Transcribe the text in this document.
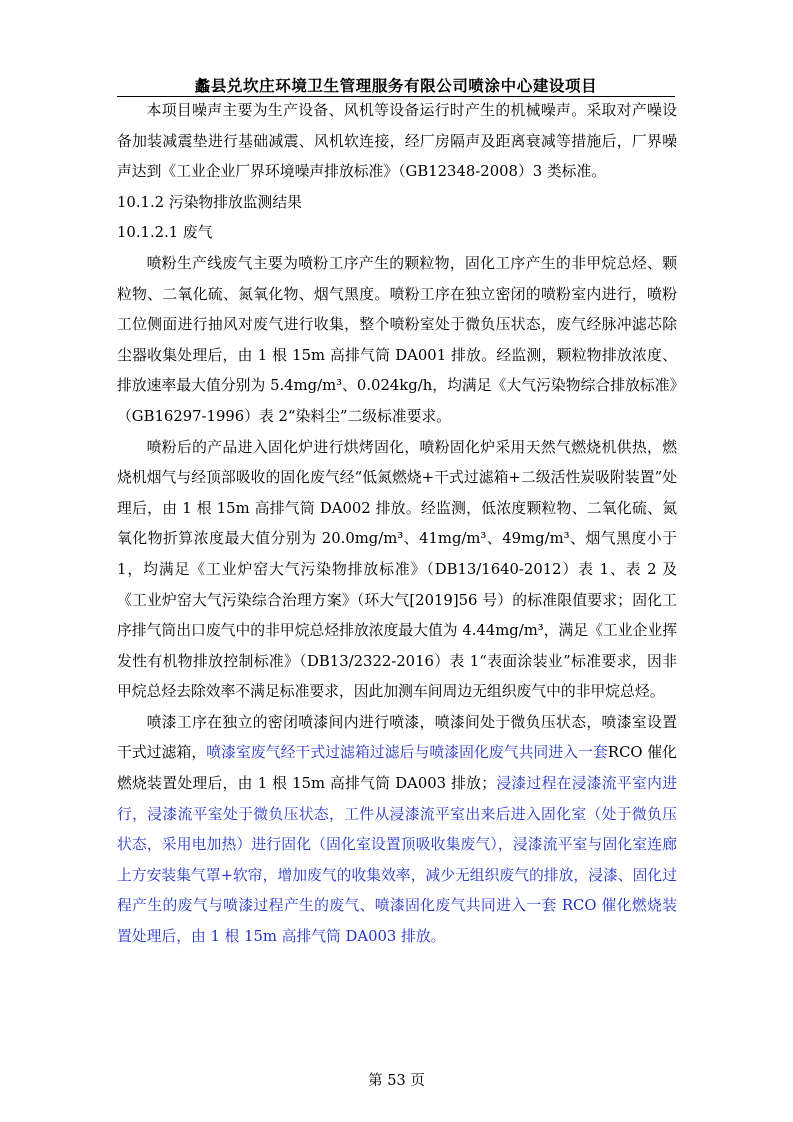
蠡县兑坎庄环境卫生管理服务有限公司喷涂中心建设项目

本项目噪声主要为生产设备、风机等设备运行时产生的机械噪声。采取对产噪设备加装减震垫进行基础减震、风机软连接，经厂房隔声及距离衰减等措施后，厂界噪声达到《工业企业厂界环境噪声排放标准》（GB12348-2008）3 类标准。

10.1.2 污染物排放监测结果

10.1.2.1 废气

喷粉生产线废气主要为喷粉工序产生的颗粒物，固化工序产生的非甲烷总烃、颗粒物、二氧化硫、氮氧化物、烟气黑度。喷粉工序在独立密闭的喷粉室内进行，喷粉工位侧面进行抽风对废气进行收集，整个喷粉室处于微负压状态，废气经脉冲滤芯除尘器收集处理后，由 1 根 15m 高排气筒 DA001 排放。经监测，颗粒物排放浓度、排放速率最大值分别为 5.4mg/m³、0.024kg/h，均满足《大气污染物综合排放标准》（GB16297-1996）表 2“染料尘”二级标准要求。

喷粉后的产品进入固化炉进行烘烤固化，喷粉固化炉采用天然气燃烧机供热，燃烧机烟气与经顶部吸收的固化废气经“低氮燃烧+干式过滤箱+二级活性炭吸附装置”处理后，由 1 根 15m 高排气筒 DA002 排放。经监测，低浓度颗粒物、二氧化硫、氮氧化物折算浓度最大值分别为 20.0mg/m³、41mg/m³、49mg/m³、烟气黑度小于 1，均满足《工业炉窑大气污染物排放标准》（DB13/1640-2012）表 1、表 2 及《工业炉窑大气污染综合治理方案》（环大气[2019]56 号）的标准限值要求；固化工序排气筒出口废气中的非甲烷总烃排放浓度最大值为 4.44mg/m³，满足《工业企业挥发性有机物排放控制标准》（DB13/2322-2016）表 1“表面涂装业”标准要求，因非甲烷总烃去除效率不满足标准要求，因此加测车间周边无组织废气中的非甲烷总烃。

喷漆工序在独立的密闭喷漆间内进行喷漆，喷漆间处于微负压状态，喷漆室设置干式过滤箱，喷漆室废气经干式过滤箱过滤后与喷漆固化废气共同进入一套RCO 催化燃烧装置处理后，由 1 根 15m 高排气筒 DA003 排放；浸漆过程在浸漆流平室内进行，浸漆流平室处于微负压状态，工件从浸漆流平室出来后进入固化室（处于微负压状态，采用电加热）进行固化（固化室设置顶吸收集废气），浸漆流平室与固化室连廊上方安装集气罩+软帘，增加废气的收集效率，减少无组织废气的排放，浸漆、固化过程产生的废气与喷漆过程产生的废气、喷漆固化废气共同进入一套 RCO 催化燃烧装置处理后，由 1 根 15m 高排气筒 DA003 排放。

第 53 页
